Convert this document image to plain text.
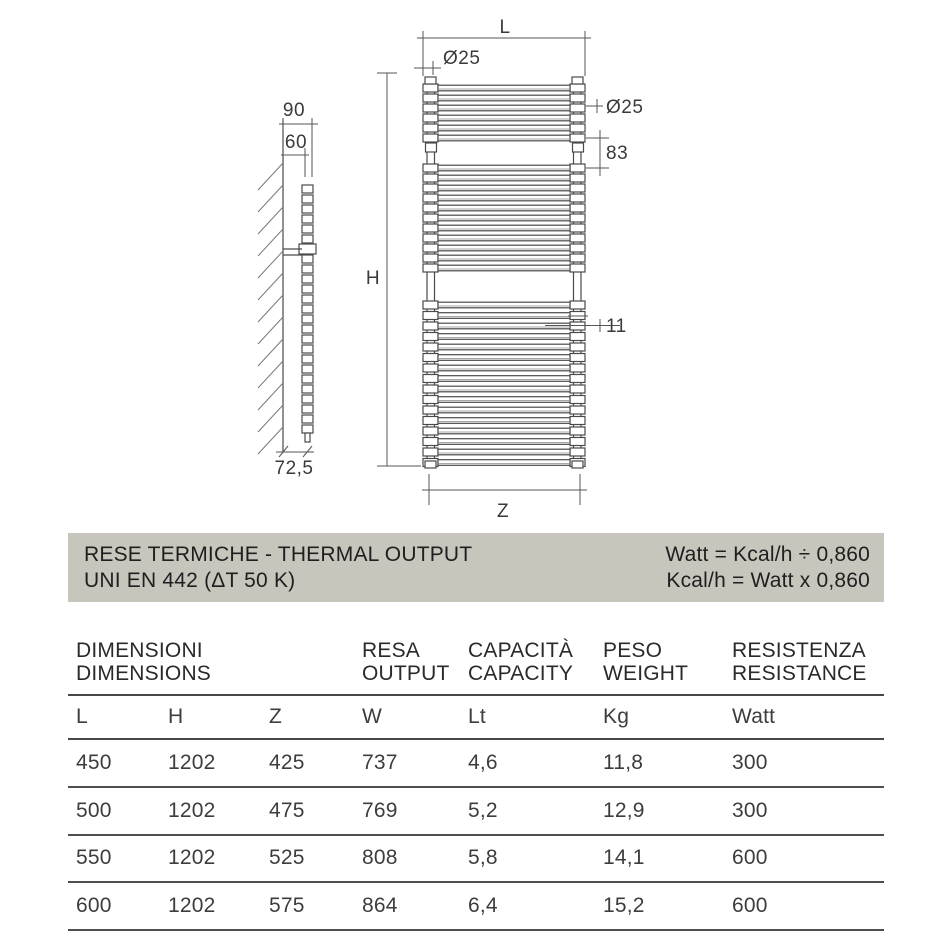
L
Ø25
Ø25
83
H
11
Z
90
60
72,5
RESE TERMICHE - THERMAL OUTPUT
UNI EN 442 (ΔT 50 K)
Watt = Kcal/h ÷ 0,860
Kcal/h = Watt x 0,860
DIMENSIONI
DIMENSIONS
RESA
OUTPUT
CAPACITÀ
CAPACITY
PESO
WEIGHT
RESISTENZA
RESISTANCE
L	H	Z	W	Lt	Kg	Watt
450	1202	425	737	4,6	11,8	300
500	1202	475	769	5,2	12,9	300
550	1202	525	808	5,8	14,1	600
600	1202	575	864	6,4	15,2	600
